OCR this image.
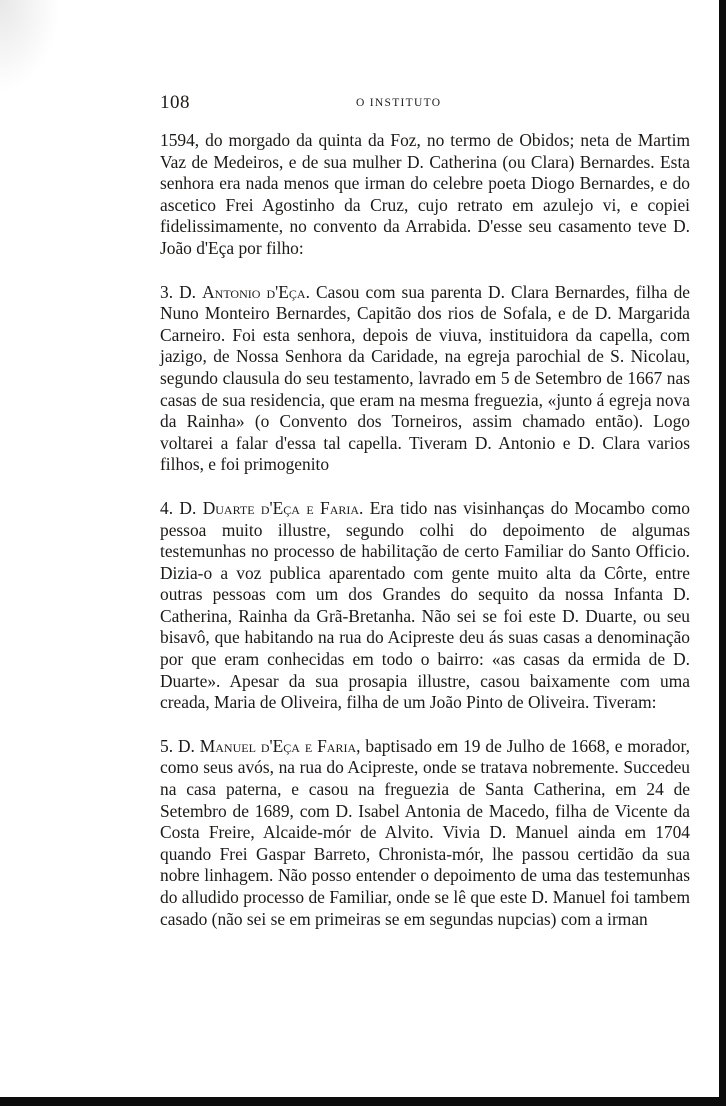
108	O INSTITUTO

1594, do morgado da quinta da Foz, no termo de Obidos; neta de Martim Vaz de Medeiros, e de sua mulher D. Catherina (ou Clara) Bernardes. Esta senhora era nada menos que irman do celebre poeta Diogo Bernardes, e do ascetico Frei Agostinho da Cruz, cujo retrato em azulejo vi, e copiei fidelissimamente, no convento da Arrabida. D'esse seu casamento teve D. João d'Eça por filho:

3. D. Antonio d'Eça. Casou com sua parenta D. Clara Bernardes, filha de Nuno Monteiro Bernardes, Capitão dos rios de Sofala, e de D. Margarida Carneiro. Foi esta senhora, depois de viuva, instituidora da capella, com jazigo, de Nossa Senhora da Caridade, na egreja parochial de S. Nicolau, segundo clausula do seu testamento, lavrado em 5 de Setembro de 1667 nas casas de sua residencia, que eram na mesma freguezia, «junto á egreja nova da Rainha» (o Convento dos Torneiros, assim chamado então). Logo voltarei a falar d'essa tal capella. Tiveram D. Antonio e D. Clara varios filhos, e foi primogenito

4. D. Duarte d'Eça e Faria. Era tido nas visinhanças do Mocambo como pessoa muito illustre, segundo colhi do depoimento de algumas testemunhas no processo de habilitação de certo Familiar do Santo Officio. Dizia-o a voz publica aparentado com gente muito alta da Côrte, entre outras pessoas com um dos Grandes do sequito da nossa Infanta D. Catherina, Rainha da Grã-Bretanha. Não sei se foi este D. Duarte, ou seu bisavô, que habitando na rua do Acipreste deu ás suas casas a denominação por que eram conhecidas em todo o bairro: «as casas da ermida de D. Duarte». Apesar da sua prosapia illustre, casou baixamente com uma creada, Maria de Oliveira, filha de um João Pinto de Oliveira. Tiveram:

5. D. Manuel d'Eça e Faria, baptisado em 19 de Julho de 1668, e morador, como seus avós, na rua do Acipreste, onde se tratava nobremente. Succedeu na casa paterna, e casou na freguezia de Santa Catherina, em 24 de Setembro de 1689, com D. Isabel Antonia de Macedo, filha de Vicente da Costa Freire, Alcaide-mór de Alvito. Vivia D. Manuel ainda em 1704 quando Frei Gaspar Barreto, Chronista-mór, lhe passou certidão da sua nobre linhagem. Não posso entender o depoimento de uma das testemunhas do alludido processo de Familiar, onde se lê que este D. Manuel foi tambem casado (não sei se em primeiras se em segundas nupcias) com a irman
